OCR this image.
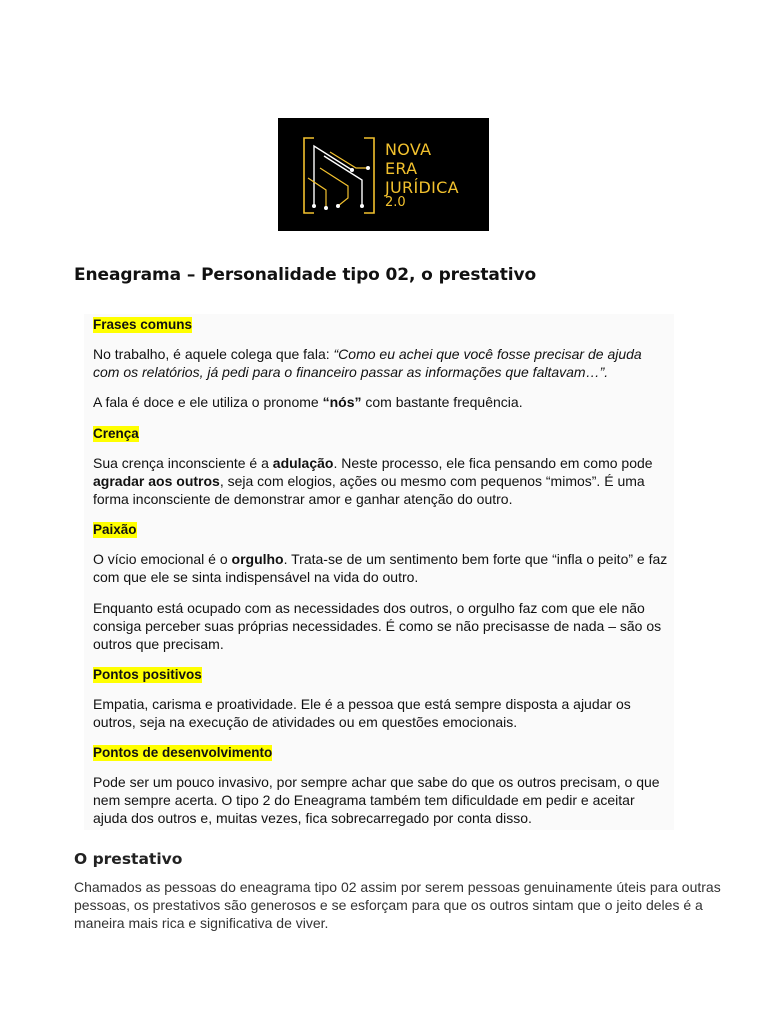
NOVA
ERA
JURÍDICA
2.0
Eneagrama – Personalidade tipo 02, o prestativo
Frases comuns

No trabalho, é aquele colega que fala: “Como eu achei que você fosse precisar de ajuda com os relatórios, já pedi para o financeiro passar as informações que faltavam…”.

A fala é doce e ele utiliza o pronome “nós” com bastante frequência.

Crença

Sua crença inconsciente é a adulação. Neste processo, ele fica pensando em como pode agradar aos outros, seja com elogios, ações ou mesmo com pequenos “mimos”. É uma forma inconsciente de demonstrar amor e ganhar atenção do outro.

Paixão

O vício emocional é o orgulho. Trata-se de um sentimento bem forte que “infla o peito” e faz com que ele se sinta indispensável na vida do outro.

Enquanto está ocupado com as necessidades dos outros, o orgulho faz com que ele não consiga perceber suas próprias necessidades. É como se não precisasse de nada – são os outros que precisam.

Pontos positivos

Empatia, carisma e proatividade. Ele é a pessoa que está sempre disposta a ajudar os outros, seja na execução de atividades ou em questões emocionais.

Pontos de desenvolvimento

Pode ser um pouco invasivo, por sempre achar que sabe do que os outros precisam, o que nem sempre acerta. O tipo 2 do Eneagrama também tem dificuldade em pedir e aceitar ajuda dos outros e, muitas vezes, fica sobrecarregado por conta disso.

O prestativo

Chamados as pessoas do eneagrama tipo 02 assim por serem pessoas genuinamente úteis para outras pessoas, os prestativos são generosos e se esforçam para que os outros sintam que o jeito deles é a maneira mais rica e significativa de viver.
